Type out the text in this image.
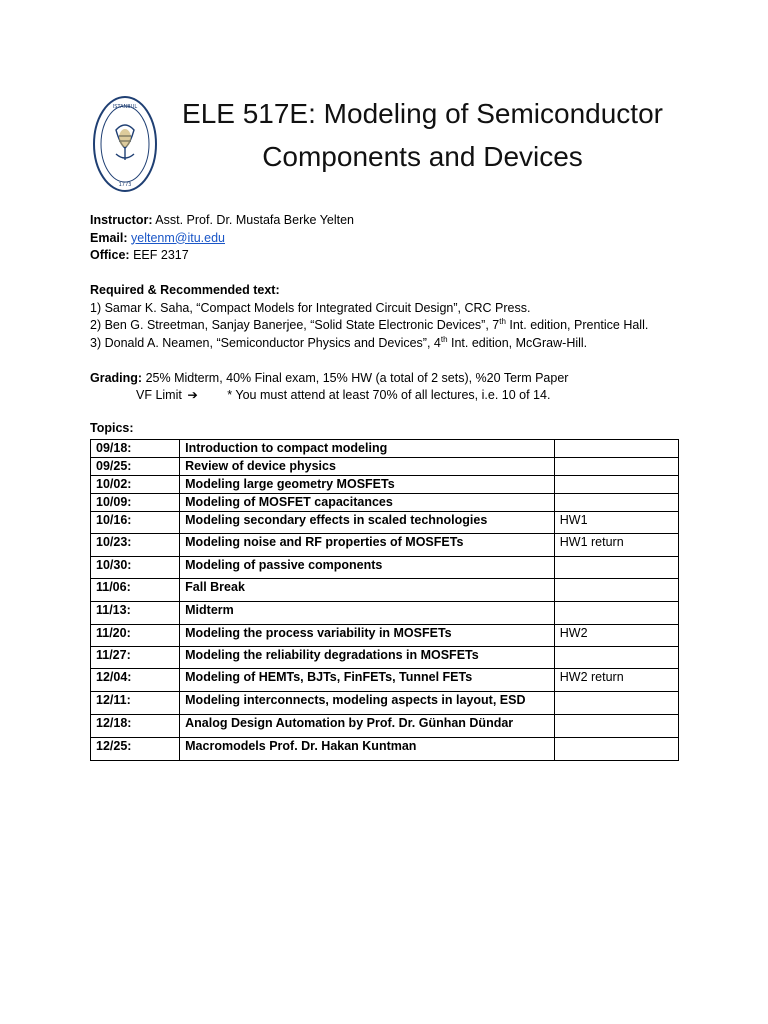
ISTANBUL
1773
ELE 517E: Modeling of Semiconductor
Components and Devices
Instructor: Asst. Prof. Dr. Mustafa Berke Yelten
Email: yeltenm@itu.edu
Office: EEF 2317
Required & Recommended text:
1) Samar K. Saha, “Compact Models for Integrated Circuit Design”, CRC Press.
2) Ben G. Streetman, Sanjay Banerjee, “Solid State Electronic Devices”, 7th Int. edition, Prentice Hall.
3) Donald A. Neamen, “Semiconductor Physics and Devices”, 4th Int. edition, McGraw-Hill.
Grading: 25% Midterm, 40% Final exam, 15% HW (a total of 2 sets), %20 Term Paper
VF Limit ➔ * You must attend at least 70% of all lectures, i.e. 10 of 14.
Topics:
09/18:	Introduction to compact modeling	
09/25:	Review of device physics	
10/02:	Modeling large geometry MOSFETs	
10/09:	Modeling of MOSFET capacitances	
10/16:	Modeling secondary effects in scaled technologies	HW1
10/23:	Modeling noise and RF properties of MOSFETs	HW1 return
10/30:	Modeling of passive components	
11/06:	Fall Break	
11/13:	Midterm	
11/20:	Modeling the process variability in MOSFETs	HW2
11/27:	Modeling the reliability degradations in MOSFETs	
12/04:	Modeling of HEMTs, BJTs, FinFETs, Tunnel FETs	HW2 return
12/11:	Modeling interconnects, modeling aspects in layout, ESD	
12/18:	Analog Design Automation by Prof. Dr. Günhan Dündar	
12/25:	Macromodels Prof. Dr. Hakan Kuntman	
